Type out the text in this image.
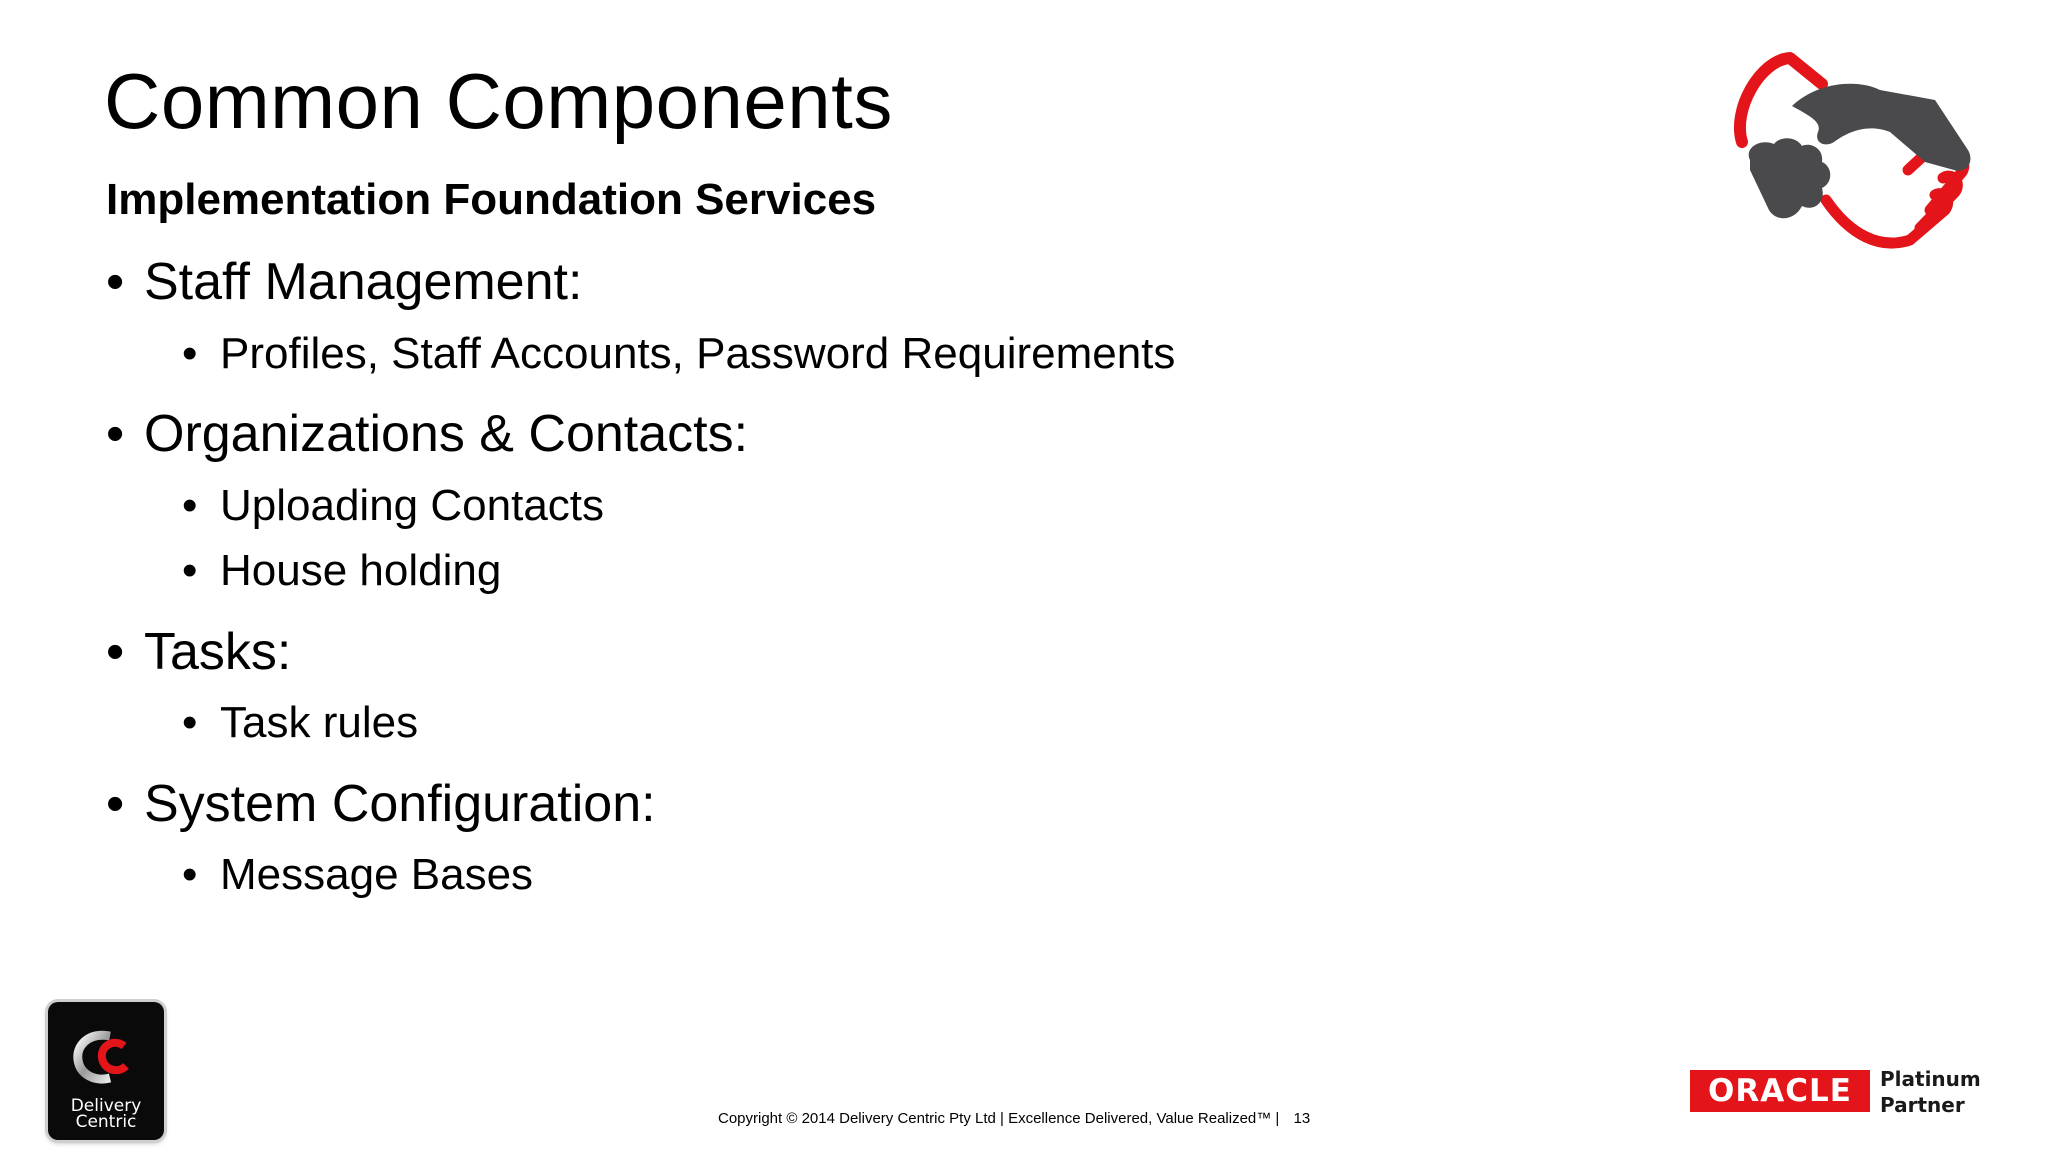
Common Components
Implementation Foundation Services
• Staff Management:
• Profiles, Staff Accounts, Password Requirements
• Organizations & Contacts:
• Uploading Contacts
• House holding
• Tasks:
• Task rules
• System Configuration:
• Message Bases
Delivery
Centric	Copyright © 2014 Delivery Centric Pty Ltd | Excellence Delivered, Value Realized™ | 13
ORACLE	Platinum
Partner
